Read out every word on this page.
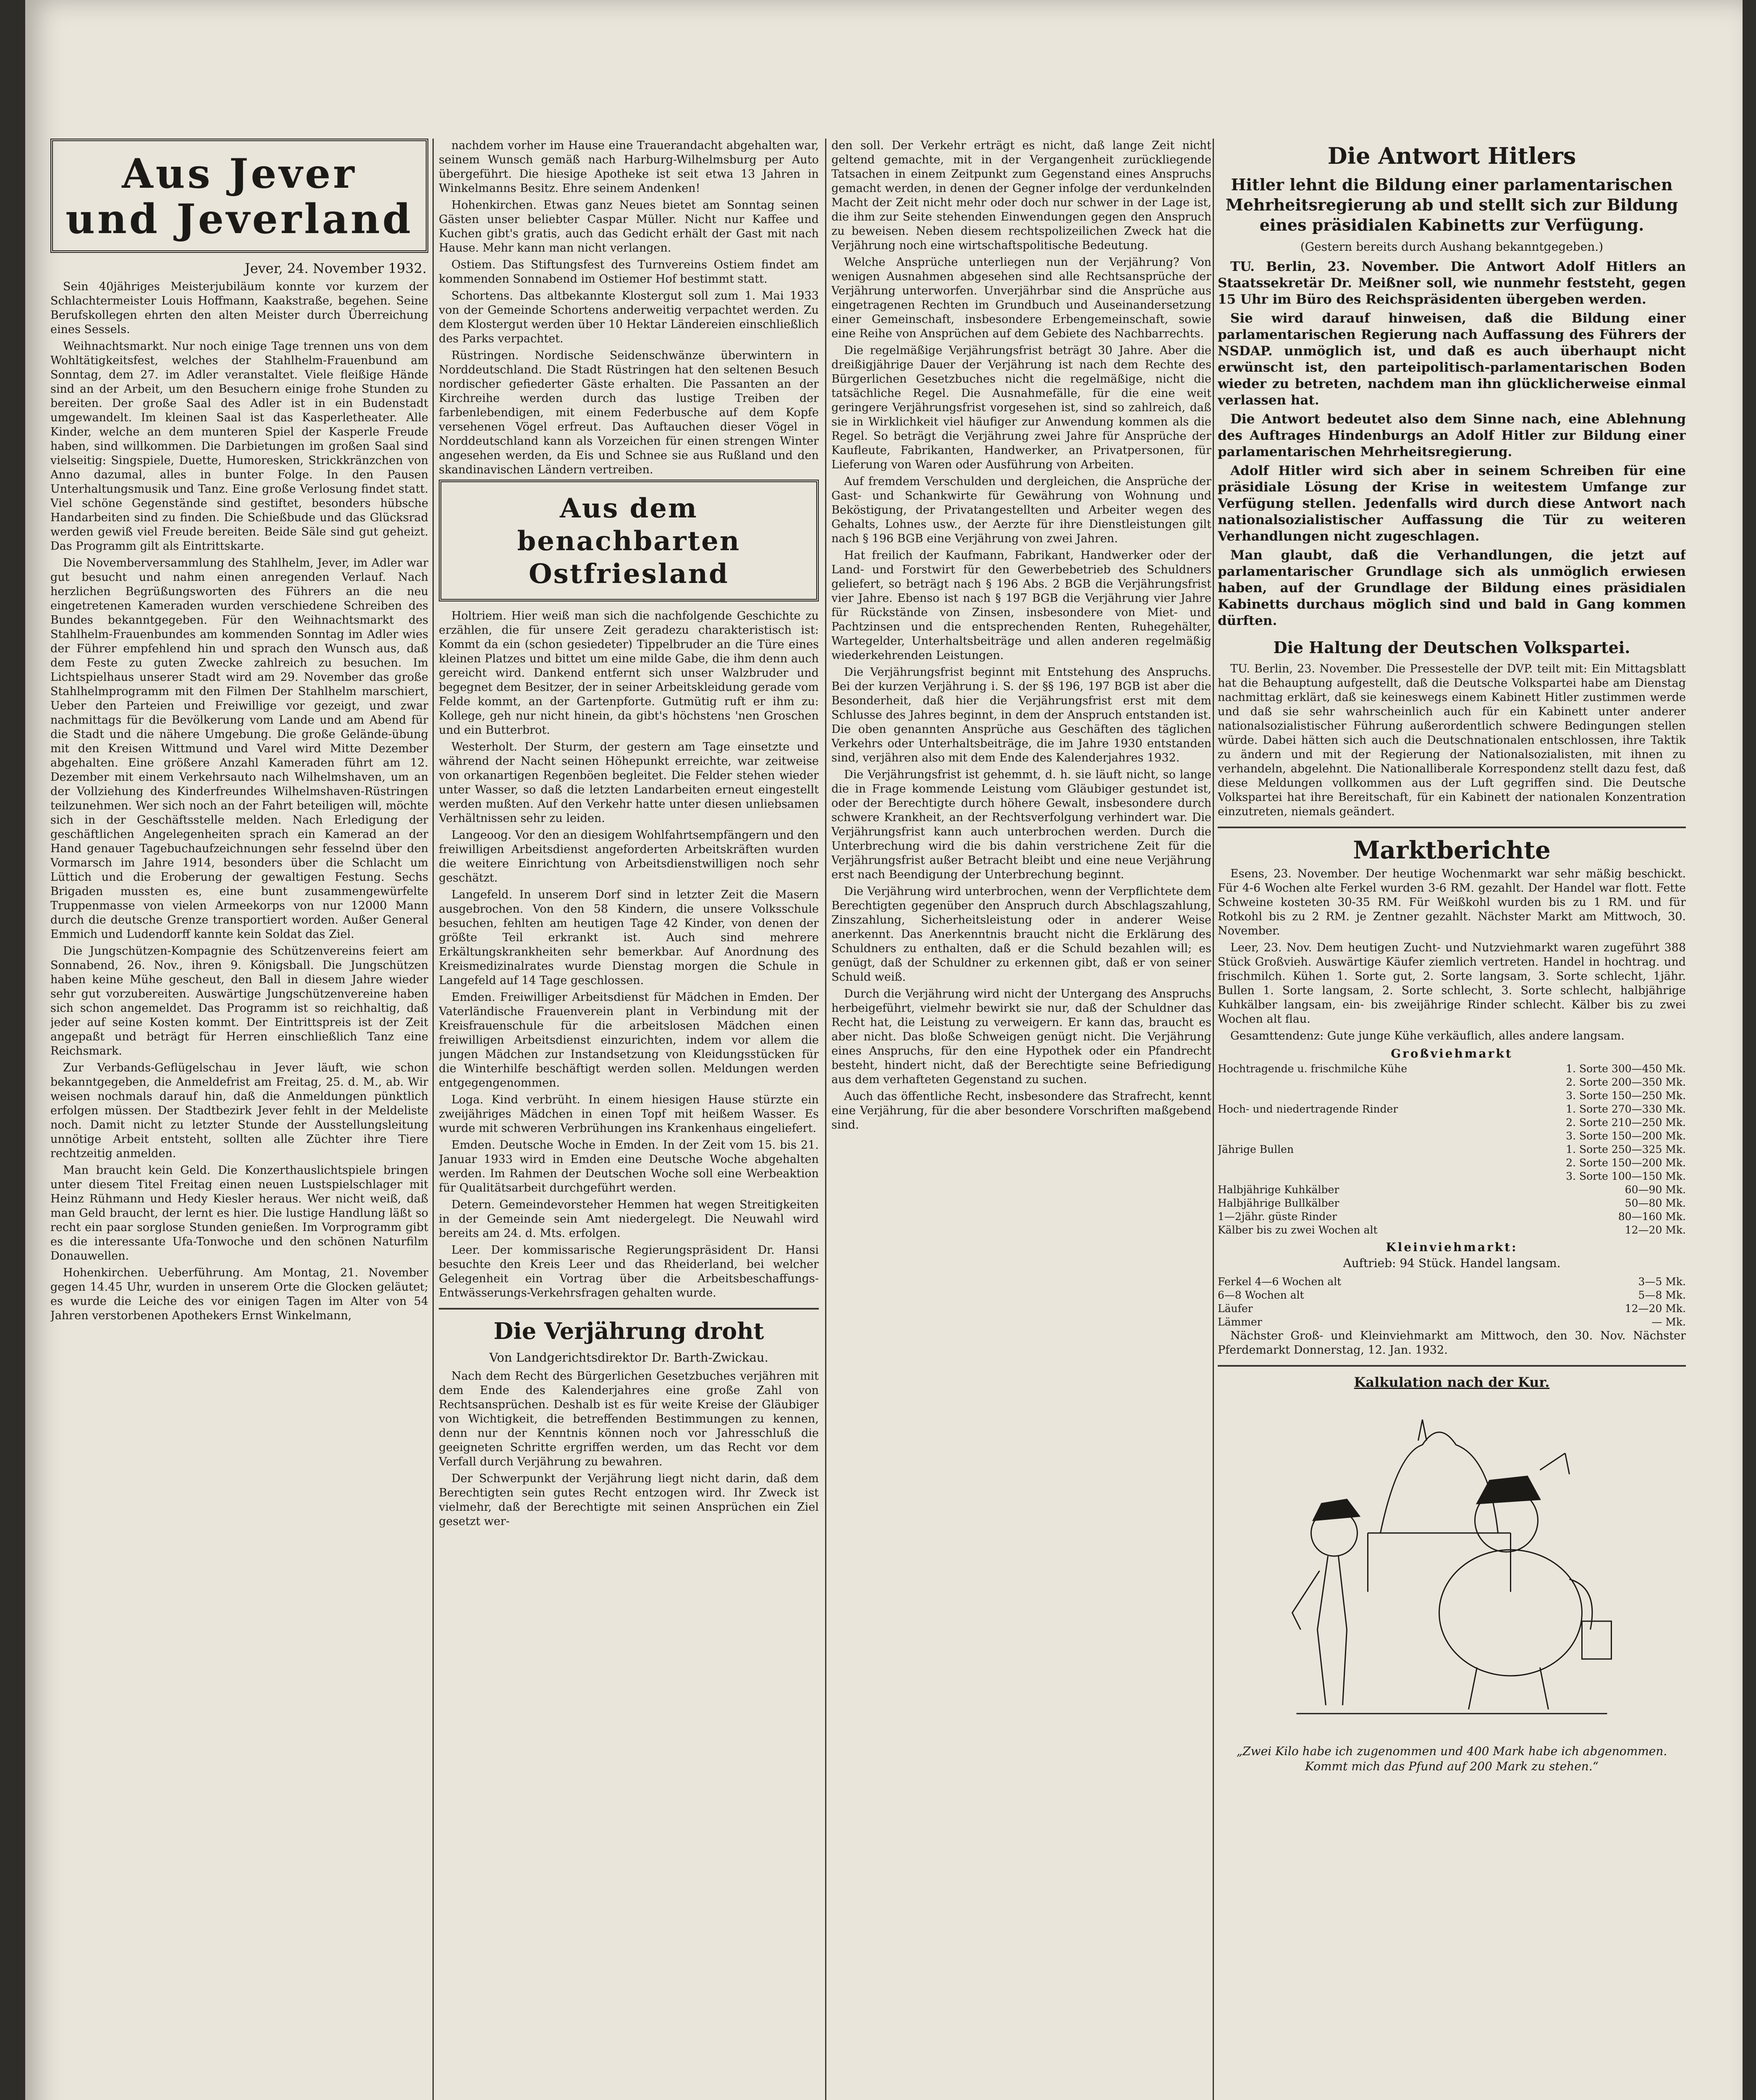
Aus Jever
und Jeverland
Jever, 24. November 1932.

Sein 40jähriges Meisterjubiläum konnte vor kurzem der Schlachtermeister Louis Hoffmann, Kaakstraße, begehen. Seine Berufskollegen ehrten den alten Meister durch Überreichung eines Sessels.

Weihnachtsmarkt. Nur noch einige Tage trennen uns von dem Wohltätigkeitsfest, welches der Stahlhelm-Frauenbund am Sonntag, dem 27. im Adler veranstaltet. Viele fleißige Hände sind an der Arbeit, um den Besuchern einige frohe Stunden zu bereiten. Der große Saal des Adler ist in ein Budenstadt umgewandelt. Im kleinen Saal ist das Kasperletheater. Alle Kinder, welche an dem munteren Spiel der Kasperle Freude haben, sind willkommen. Die Darbietungen im großen Saal sind vielseitig: Singspiele, Duette, Humoresken, Strickkränzchen von Anno dazumal, alles in bunter Folge. In den Pausen Unterhaltungsmusik und Tanz. Eine große Verlosung findet statt. Viel schöne Gegenstände sind gestiftet, besonders hübsche Handarbeiten sind zu finden. Die Schießbude und das Glücksrad werden gewiß viel Freude bereiten. Beide Säle sind gut geheizt. Das Programm gilt als Eintrittskarte.

Die Novemberversammlung des Stahlhelm, Jever, im Adler war gut besucht und nahm einen anregenden Verlauf. Nach herzlichen Begrüßungsworten des Führers an die neu eingetretenen Kameraden wurden verschiedene Schreiben des Bundes bekanntgegeben. Für den Weihnachtsmarkt des Stahlhelm-Frauenbundes am kommenden Sonntag im Adler wies der Führer empfehlend hin und sprach den Wunsch aus, daß dem Feste zu guten Zwecke zahlreich zu besuchen. Im Lichtspielhaus unserer Stadt wird am 29. November das große Stahlhelmprogramm mit den Filmen Der Stahlhelm marschiert, Ueber den Parteien und Freiwillige vor gezeigt, und zwar nachmittags für die Bevölkerung vom Lande und am Abend für die Stadt und die nähere Umgebung. Die große Gelände-übung mit den Kreisen Wittmund und Varel wird Mitte Dezember abgehalten. Eine größere Anzahl Kameraden führt am 12. Dezember mit einem Verkehrsauto nach Wilhelmshaven, um an der Vollziehung des Kinderfreundes Wilhelmshaven-Rüstringen teilzunehmen. Wer sich noch an der Fahrt beteiligen will, möchte sich in der Geschäftsstelle melden. Nach Erledigung der geschäftlichen Angelegenheiten sprach ein Kamerad an der Hand genauer Tagebuchaufzeichnungen sehr fesselnd über den Vormarsch im Jahre 1914, besonders über die Schlacht um Lüttich und die Eroberung der gewaltigen Festung. Sechs Brigaden mussten es, eine bunt zusammengewürfelte Truppenmasse von vielen Armeekorps von nur 12000 Mann durch die deutsche Grenze transportiert worden. Außer General Emmich und Ludendorff kannte kein Soldat das Ziel.

Die Jungschützen-Kompagnie des Schützenvereins feiert am Sonnabend, 26. Nov., ihren 9. Königsball. Die Jungschützen haben keine Mühe gescheut, den Ball in diesem Jahre wieder sehr gut vorzubereiten. Auswärtige Jungschützenvereine haben sich schon angemeldet. Das Programm ist so reichhaltig, daß jeder auf seine Kosten kommt. Der Eintrittspreis ist der Zeit angepaßt und beträgt für Herren einschließlich Tanz eine Reichsmark.

Zur Verbands-Geflügelschau in Jever läuft, wie schon bekanntgegeben, die Anmeldefrist am Freitag, 25. d. M., ab. Wir weisen nochmals darauf hin, daß die Anmeldungen pünktlich erfolgen müssen. Der Stadtbezirk Jever fehlt in der Meldeliste noch. Damit nicht zu letzter Stunde der Ausstellungsleitung unnötige Arbeit entsteht, sollten alle Züchter ihre Tiere rechtzeitig anmelden.

Man braucht kein Geld. Die Konzerthauslichtspiele bringen unter diesem Titel Freitag einen neuen Lustspielschlager mit Heinz Rühmann und Hedy Kiesler heraus. Wer nicht weiß, daß man Geld braucht, der lernt es hier. Die lustige Handlung läßt so recht ein paar sorglose Stunden genießen. Im Vorprogramm gibt es die interessante Ufa-Tonwoche und den schönen Naturfilm Donauwellen.

Hohenkirchen. Ueberführung. Am Montag, 21. November gegen 14.45 Uhr, wurden in unserem Orte die Glocken geläutet; es wurde die Leiche des vor einigen Tagen im Alter von 54 Jahren verstorbenen Apothekers Ernst Winkelmann,

nachdem vorher im Hause eine Trauerandacht abgehalten war, seinem Wunsch gemäß nach Harburg-Wilhelmsburg per Auto übergeführt. Die hiesige Apotheke ist seit etwa 13 Jahren in Winkelmanns Besitz. Ehre seinem Andenken!

Hohenkirchen. Etwas ganz Neues bietet am Sonntag seinen Gästen unser beliebter Caspar Müller. Nicht nur Kaffee und Kuchen gibt's gratis, auch das Gedicht erhält der Gast mit nach Hause. Mehr kann man nicht verlangen.

Ostiem. Das Stiftungsfest des Turnvereins Ostiem findet am kommenden Sonnabend im Ostiemer Hof bestimmt statt.

Schortens. Das altbekannte Klostergut soll zum 1. Mai 1933 von der Gemeinde Schortens anderweitig verpachtet werden. Zu dem Klostergut werden über 10 Hektar Ländereien einschließlich des Parks verpachtet.

Rüstringen. Nordische Seidenschwänze überwintern in Norddeutschland. Die Stadt Rüstringen hat den seltenen Besuch nordischer gefiederter Gäste erhalten. Die Passanten an der Kirchreihe werden durch das lustige Treiben der farbenlebendigen, mit einem Federbusche auf dem Kopfe versehenen Vögel erfreut. Das Auftauchen dieser Vögel in Norddeutschland kann als Vorzeichen für einen strengen Winter angesehen werden, da Eis und Schnee sie aus Rußland und den skandinavischen Ländern vertreiben.

Aus dem benachbarten
Ostfriesland

Holtriem. Hier weiß man sich die nachfolgende Geschichte zu erzählen, die für unsere Zeit geradezu charakteristisch ist: Kommt da ein (schon gesiedeter) Tippelbruder an die Türe eines kleinen Platzes und bittet um eine milde Gabe, die ihm denn auch gereicht wird. Dankend entfernt sich unser Walzbruder und begegnet dem Besitzer, der in seiner Arbeitskleidung gerade vom Felde kommt, an der Gartenpforte. Gutmütig ruft er ihm zu: Kollege, geh nur nicht hinein, da gibt's höchstens 'nen Groschen und ein Butterbrot.

Westerholt. Der Sturm, der gestern am Tage einsetzte und während der Nacht seinen Höhepunkt erreichte, war zeitweise von orkanartigen Regenböen begleitet. Die Felder stehen wieder unter Wasser, so daß die letzten Landarbeiten erneut eingestellt werden mußten. Auf den Verkehr hatte unter diesen unliebsamen Verhältnissen sehr zu leiden.

Langeoog. Vor den an diesigem Wohlfahrtsempfängern und den freiwilligen Arbeitsdienst angeforderten Arbeitskräften wurden die weitere Einrichtung von Arbeitsdienstwilligen noch sehr geschätzt.

Langefeld. In unserem Dorf sind in letzter Zeit die Masern ausgebrochen. Von den 58 Kindern, die unsere Volksschule besuchen, fehlten am heutigen Tage 42 Kinder, von denen der größte Teil erkrankt ist. Auch sind mehrere Erkältungskrankheiten sehr bemerkbar. Auf Anordnung des Kreismedizinalrates wurde Dienstag morgen die Schule in Langefeld auf 14 Tage geschlossen.

Emden. Freiwilliger Arbeitsdienst für Mädchen in Emden. Der Vaterländische Frauenverein plant in Verbindung mit der Kreisfrauenschule für die arbeitslosen Mädchen einen freiwilligen Arbeitsdienst einzurichten, indem vor allem die jungen Mädchen zur Instandsetzung von Kleidungsstücken für die Winterhilfe beschäftigt werden sollen. Meldungen werden entgegengenommen.

Loga. Kind verbrüht. In einem hiesigen Hause stürzte ein zweijähriges Mädchen in einen Topf mit heißem Wasser. Es wurde mit schweren Verbrühungen ins Krankenhaus eingeliefert.

Emden. Deutsche Woche in Emden. In der Zeit vom 15. bis 21. Januar 1933 wird in Emden eine Deutsche Woche abgehalten werden. Im Rahmen der Deutschen Woche soll eine Werbeaktion für Qualitätsarbeit durchgeführt werden.

Detern. Gemeindevorsteher Hemmen hat wegen Streitigkeiten in der Gemeinde sein Amt niedergelegt. Die Neuwahl wird bereits am 24. d. Mts. erfolgen.

Leer. Der kommissarische Regierungspräsident Dr. Hansi besuchte den Kreis Leer und das Rheiderland, bei welcher Gelegenheit ein Vortrag über die Arbeitsbeschaffungs-Entwässerungs-Verkehrsfragen gehalten wurde.

Die Verjährung droht
Von Landgerichtsdirektor Dr. Barth-Zwickau.

Nach dem Recht des Bürgerlichen Gesetzbuches verjähren mit dem Ende des Kalenderjahres eine große Zahl von Rechtsansprüchen. Deshalb ist es für weite Kreise der Gläubiger von Wichtigkeit, die betreffenden Bestimmungen zu kennen, denn nur der Kenntnis können noch vor Jahresschluß die geeigneten Schritte ergriffen werden, um das Recht vor dem Verfall durch Verjährung zu bewahren.

Der Schwerpunkt der Verjährung liegt nicht darin, daß dem Berechtigten sein gutes Recht entzogen wird. Ihr Zweck ist vielmehr, daß der Berechtigte mit seinen Ansprüchen ein Ziel gesetzt wer-

den soll. Der Verkehr erträgt es nicht, daß lange Zeit nicht geltend gemachte, mit in der Vergangenheit zurückliegende Tatsachen in einem Zeitpunkt zum Gegenstand eines Anspruchs gemacht werden, in denen der Gegner infolge der verdunkelnden Macht der Zeit nicht mehr oder doch nur schwer in der Lage ist, die ihm zur Seite stehenden Einwendungen gegen den Anspruch zu beweisen. Neben diesem rechtspolizeilichen Zweck hat die Verjährung noch eine wirtschaftspolitische Bedeutung.

Welche Ansprüche unterliegen nun der Verjährung? Von wenigen Ausnahmen abgesehen sind alle Rechtsansprüche der Verjährung unterworfen. Unverjährbar sind die Ansprüche aus eingetragenen Rechten im Grundbuch und Auseinandersetzung einer Gemeinschaft, insbesondere Erbengemeinschaft, sowie eine Reihe von Ansprüchen auf dem Gebiete des Nachbarrechts.

Die regelmäßige Verjährungsfrist beträgt 30 Jahre. Aber die dreißigjährige Dauer der Verjährung ist nach dem Rechte des Bürgerlichen Gesetzbuches nicht die regelmäßige, nicht die tatsächliche Regel. Die Ausnahmefälle, für die eine weit geringere Verjährungsfrist vorgesehen ist, sind so zahlreich, daß sie in Wirklichkeit viel häufiger zur Anwendung kommen als die Regel. So beträgt die Verjährung zwei Jahre für Ansprüche der Kaufleute, Fabrikanten, Handwerker, an Privatpersonen, für Lieferung von Waren oder Ausführung von Arbeiten.

Auf fremdem Verschulden und dergleichen, die Ansprüche der Gast- und Schankwirte für Gewährung von Wohnung und Beköstigung, der Privatangestellten und Arbeiter wegen des Gehalts, Lohnes usw., der Aerzte für ihre Dienstleistungen gilt nach § 196 BGB eine Verjährung von zwei Jahren.

Hat freilich der Kaufmann, Fabrikant, Handwerker oder der Land- und Forstwirt für den Gewerbebetrieb des Schuldners geliefert, so beträgt nach § 196 Abs. 2 BGB die Verjährungsfrist vier Jahre. Ebenso ist nach § 197 BGB die Verjährung vier Jahre für Rückstände von Zinsen, insbesondere von Miet- und Pachtzinsen und die entsprechenden Renten, Ruhegehälter, Wartegelder, Unterhaltsbeiträge und allen anderen regelmäßig wiederkehrenden Leistungen.

Die Verjährungsfrist beginnt mit Entstehung des Anspruchs. Bei der kurzen Verjährung i. S. der §§ 196, 197 BGB ist aber die Besonderheit, daß hier die Verjährungsfrist erst mit dem Schlusse des Jahres beginnt, in dem der Anspruch entstanden ist. Die oben genannten Ansprüche aus Geschäften des täglichen Verkehrs oder Unterhaltsbeiträge, die im Jahre 1930 entstanden sind, verjähren also mit dem Ende des Kalenderjahres 1932.

Die Verjährungsfrist ist gehemmt, d. h. sie läuft nicht, so lange die in Frage kommende Leistung vom Gläubiger gestundet ist, oder der Berechtigte durch höhere Gewalt, insbesondere durch schwere Krankheit, an der Rechtsverfolgung verhindert war. Die Verjährungsfrist kann auch unterbrochen werden. Durch die Unterbrechung wird die bis dahin verstrichene Zeit für die Verjährungsfrist außer Betracht bleibt und eine neue Verjährung erst nach Beendigung der Unterbrechung beginnt.

Die Verjährung wird unterbrochen, wenn der Verpflichtete dem Berechtigten gegenüber den Anspruch durch Abschlagszahlung, Zinszahlung, Sicherheitsleistung oder in anderer Weise anerkennt. Das Anerkenntnis braucht nicht die Erklärung des Schuldners zu enthalten, daß er die Schuld bezahlen will; es genügt, daß der Schuldner zu erkennen gibt, daß er von seiner Schuld weiß.

Durch die Verjährung wird nicht der Untergang des Anspruchs herbeigeführt, vielmehr bewirkt sie nur, daß der Schuldner das Recht hat, die Leistung zu verweigern. Er kann das, braucht es aber nicht. Das bloße Schweigen genügt nicht. Die Verjährung eines Anspruchs, für den eine Hypothek oder ein Pfandrecht besteht, hindert nicht, daß der Berechtigte seine Befriedigung aus dem verhafteten Gegenstand zu suchen.

Auch das öffentliche Recht, insbesondere das Strafrecht, kennt eine Verjährung, für die aber besondere Vorschriften maßgebend sind.

Die Antwort Hitlers
Hitler lehnt die Bildung einer parlamentarischen Mehrheitsregierung ab und stellt sich zur Bildung eines präsidialen Kabinetts zur Verfügung.
(Gestern bereits durch Aushang bekanntgegeben.)

TU. Berlin, 23. November. Die Antwort Adolf Hitlers an Staatssekretär Dr. Meißner soll, wie nunmehr feststeht, gegen 15 Uhr im Büro des Reichspräsidenten übergeben werden.

Sie wird darauf hinweisen, daß die Bildung einer parlamentarischen Regierung nach Auffassung des Führers der NSDAP. unmöglich ist, und daß es auch überhaupt nicht erwünscht ist, den parteipolitisch-parlamentarischen Boden wieder zu betreten, nachdem man ihn glücklicherweise einmal verlassen hat.

Die Antwort bedeutet also dem Sinne nach, eine Ablehnung des Auftrages Hindenburgs an Adolf Hitler zur Bildung einer parlamentarischen Mehrheitsregierung.

Adolf Hitler wird sich aber in seinem Schreiben für eine präsidiale Lösung der Krise in weitestem Umfange zur Verfügung stellen. Jedenfalls wird durch diese Antwort nach nationalsozialistischer Auffassung die Tür zu weiteren Verhandlungen nicht zugeschlagen.

Man glaubt, daß die Verhandlungen, die jetzt auf parlamentarischer Grundlage sich als unmöglich erwiesen haben, auf der Grundlage der Bildung eines präsidialen Kabinetts durchaus möglich sind und bald in Gang kommen dürften.

Die Haltung der Deutschen Volkspartei.

TU. Berlin, 23. November. Die Pressestelle der DVP. teilt mit: Ein Mittagsblatt hat die Behauptung aufgestellt, daß die Deutsche Volkspartei habe am Dienstag nachmittag erklärt, daß sie keineswegs einem Kabinett Hitler zustimmen werde und daß sie sehr wahrscheinlich auch für ein Kabinett unter anderer nationalsozialistischer Führung außerordentlich schwere Bedingungen stellen würde. Dabei hätten sich auch die Deutschnationalen entschlossen, ihre Taktik zu ändern und mit der Regierung der Nationalsozialisten, mit ihnen zu verhandeln, abgelehnt. Die Nationalliberale Korrespondenz stellt dazu fest, daß diese Meldungen vollkommen aus der Luft gegriffen sind. Die Deutsche Volkspartei hat ihre Bereitschaft, für ein Kabinett der nationalen Konzentration einzutreten, niemals geändert.

Marktberichte

Esens, 23. November. Der heutige Wochenmarkt war sehr mäßig beschickt. Für 4-6 Wochen alte Ferkel wurden 3-6 RM. gezahlt. Der Handel war flott. Fette Schweine kosteten 30-35 RM. Für Weißkohl wurden bis zu 1 RM. und für Rotkohl bis zu 2 RM. je Zentner gezahlt. Nächster Markt am Mittwoch, 30. November.

Leer, 23. Nov. Dem heutigen Zucht- und Nutzviehmarkt waren zugeführt 388 Stück Großvieh. Auswärtige Käufer ziemlich vertreten. Handel in hochtrag. und frischmilch. Kühen 1. Sorte gut, 2. Sorte langsam, 3. Sorte schlecht, 1jähr. Bullen 1. Sorte langsam, 2. Sorte schlecht, 3. Sorte schlecht, halbjährige Kuhkälber langsam, ein- bis zweijährige Rinder schlecht. Kälber bis zu zwei Wochen alt flau.

Gesamttendenz: Gute junge Kühe verkäuflich, alles andere langsam.

Großviehmarkt
Hochtragende u. frischmilche Kühe	1. Sorte 300—450 Mk.
2. Sorte 200—350 Mk.
3. Sorte 150—250 Mk.
Hoch- und niedertragende Rinder	1. Sorte 270—330 Mk.
2. Sorte 210—250 Mk.
3. Sorte 150—200 Mk.
Jährige Bullen	1. Sorte 250—325 Mk.
2. Sorte 150—200 Mk.
3. Sorte 100—150 Mk.
Halbjährige Kuhkälber	60—90 Mk.
Halbjährige Bullkälber	50—80 Mk.
1—2jähr. güste Rinder	80—160 Mk.
Kälber bis zu zwei Wochen alt	12—20 Mk.
Kleinviehmarkt:
Auftrieb: 94 Stück. Handel langsam.
Ferkel 4—6 Wochen alt	3—5 Mk.
6—8 Wochen alt	5—8 Mk.
Läufer	12—20 Mk.
Lämmer	— Mk.

Nächster Groß- und Kleinviehmarkt am Mittwoch, den 30. Nov. Nächster Pferdemarkt Donnerstag, 12. Jan. 1932.

Kalkulation nach der Kur.
„Zwei Kilo habe ich zugenommen und 400 Mark habe ich abgenommen. Kommt mich das Pfund auf 200 Mark zu stehen.“
